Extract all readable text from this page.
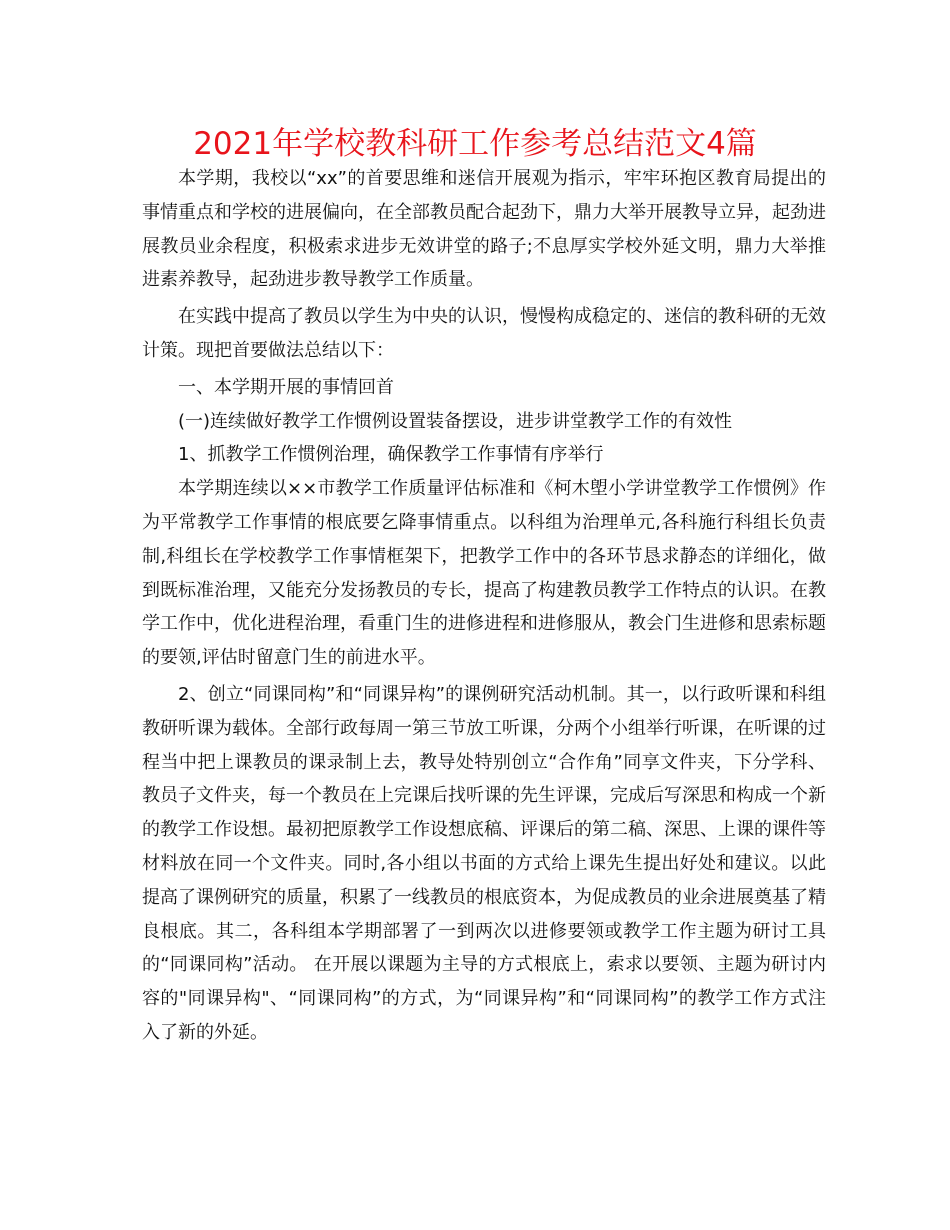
2021年学校教科研工作参考总结范文4篇

本学期，我校以“xx”的首要思维和迷信开展观为指示，牢牢环抱区教育局提出的事情重点和学校的进展偏向，在全部教员配合起劲下，鼎力大举开展教导立异，起劲进展教员业余程度，积极索求进步无效讲堂的路子;不息厚实学校外延文明，鼎力大举推进素养教导，起劲进步教导教学工作质量。

在实践中提高了教员以学生为中央的认识，慢慢构成稳定的、迷信的教科研的无效计策。现把首要做法总结以下：

一、本学期开展的事情回首

(一)连续做好教学工作惯例设置装备摆设，进步讲堂教学工作的有效性

1、抓教学工作惯例治理，确保教学工作事情有序举行

本学期连续以××市教学工作质量评估标准和《柯木塱小学讲堂教学工作惯例》作为平常教学工作事情的根底要乞降事情重点。以科组为治理单元,各科施行科组长负责制,科组长在学校教学工作事情框架下，把教学工作中的各环节恳求静态的详细化，做到既标准治理，又能充分发扬教员的专长，提高了构建教员教学工作特点的认识。在教学工作中，优化进程治理，看重门生的进修进程和进修服从，教会门生进修和思索标题的要领,评估时留意门生的前进水平。

2、创立“同课同构”和“同课异构”的课例研究活动机制。其一，以行政听课和科组教研听课为载体。全部行政每周一第三节放工听课，分两个小组举行听课，在听课的过程当中把上课教员的课录制上去，教导处特别创立“合作角”同享文件夹，下分学科、教员子文件夹，每一个教员在上完课后找听课的先生评课，完成后写深思和构成一个新的教学工作设想。最初把原教学工作设想底稿、评课后的第二稿、深思、上课的课件等材料放在同一个文件夹。同时,各小组以书面的方式给上课先生提出好处和建议。以此提高了课例研究的质量，积累了一线教员的根底资本，为促成教员的业余进展奠基了精良根底。其二，各科组本学期部署了一到两次以进修要领或教学工作主题为研讨工具的“同课同构”活动。 在开展以课题为主导的方式根底上，索求以要领、主题为研讨内容的"同课异构"、“同课同构”的方式，为“同课异构”和“同课同构”的教学工作方式注入了新的外延。
